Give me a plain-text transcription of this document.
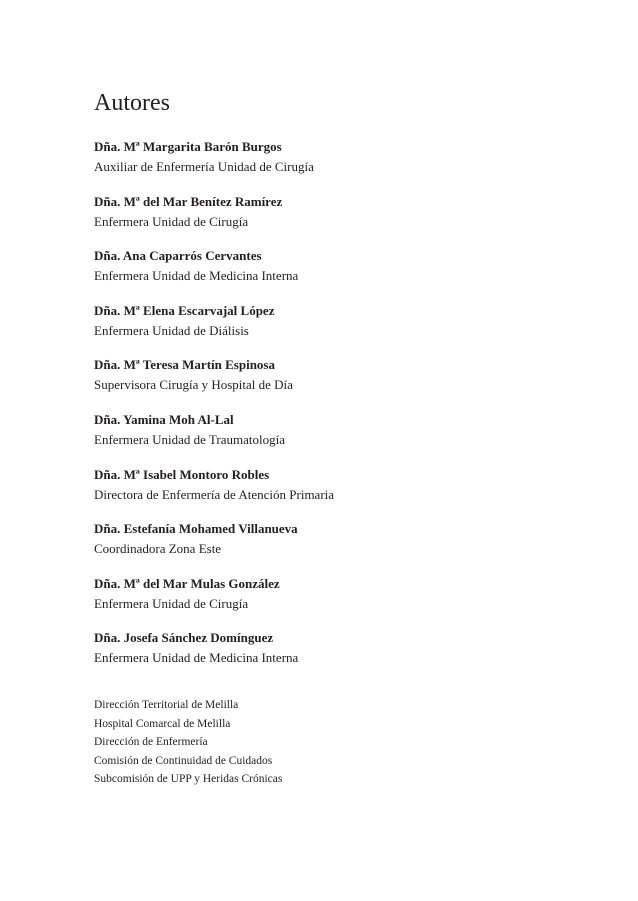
Autores
Dña. Mª Margarita Barón Burgos
Auxiliar de Enfermería Unidad de Cirugía
Dña. Mª del Mar Benítez Ramírez
Enfermera Unidad de Cirugía
Dña. Ana Caparrós Cervantes
Enfermera Unidad de Medicina Interna
Dña. Mª Elena Escarvajal López
Enfermera Unidad de Diálisis
Dña. Mª Teresa Martín Espinosa
Supervisora Cirugía y Hospital de Día
Dña. Yamina Moh Al-Lal
Enfermera Unidad de Traumatología
Dña. Mª Isabel Montoro Robles
Directora de Enfermería de Atención Primaria
Dña. Estefanía Mohamed Villanueva
Coordinadora Zona Este
Dña. Mª del Mar Mulas González
Enfermera Unidad de Cirugía
Dña. Josefa Sánchez Domínguez
Enfermera Unidad de Medicina Interna
Dirección Territorial de Melilla
Hospital Comarcal de Melilla
Dirección de Enfermería
Comisión de Continuidad de Cuidados
Subcomisión de UPP y Heridas Crónicas
